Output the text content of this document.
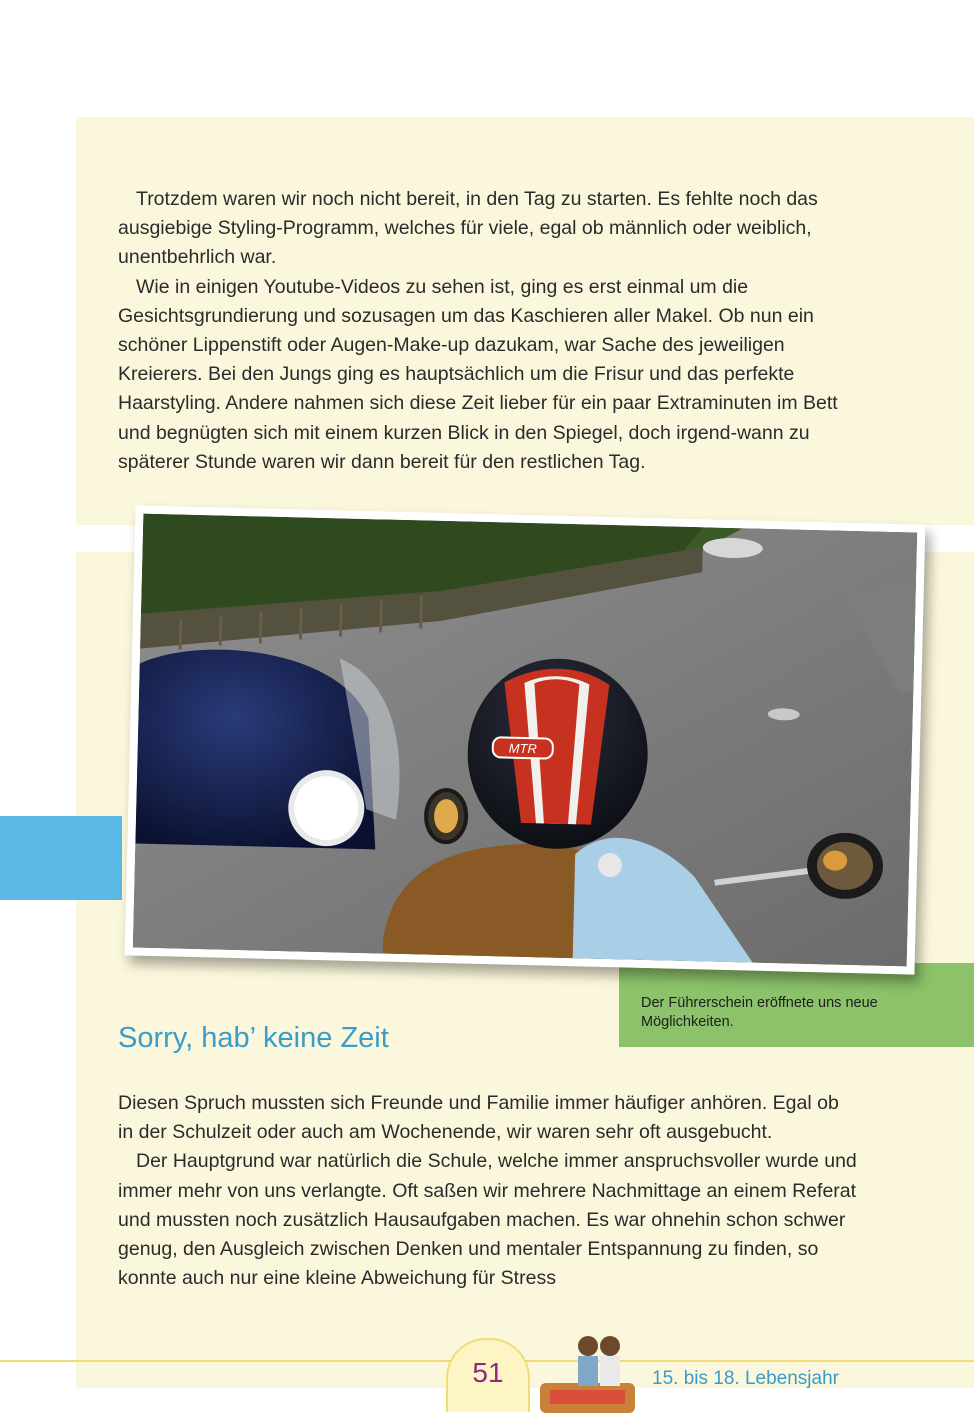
Trotzdem waren wir noch nicht bereit, in den Tag zu starten. Es fehlte noch das ausgiebige Styling-Programm, welches für viele, egal ob männlich oder weiblich, unentbehrlich war.

Wie in einigen Youtube-Videos zu sehen ist, ging es erst einmal um die Gesichtsgrundierung und sozusagen um das Kaschieren aller Makel. Ob nun ein schöner Lippenstift oder Augen-Make-up dazukam, war Sache des jeweiligen Kreierers. Bei den Jungs ging es hauptsächlich um die Frisur und das perfekte Haarstyling. Andere nahmen sich diese Zeit lieber für ein paar Extraminuten im Bett und begnügten sich mit einem kurzen Blick in den Spiegel, doch irgend-wann zu späterer Stunde waren wir dann bereit für den restlichen Tag.

Der Führerschein eröffnete uns neue Möglichkeiten.
MTR
Sorry, hab’ keine Zeit

Diesen Spruch mussten sich Freunde und Familie immer häufiger anhören. Egal ob in der Schulzeit oder auch am Wochenende, wir waren sehr oft ausgebucht.

Der Hauptgrund war natürlich die Schule, welche immer anspruchsvoller wurde und immer mehr von uns verlangte. Oft saßen wir mehrere Nachmittage an einem Referat und mussten noch zusätzlich Hausaufgaben machen. Es war ohnehin schon schwer genug, den Ausgleich zwischen Denken und mentaler Entspannung zu finden, so konnte auch nur eine kleine Abweichung für Stress

51	15. bis 18. Lebensjahr
